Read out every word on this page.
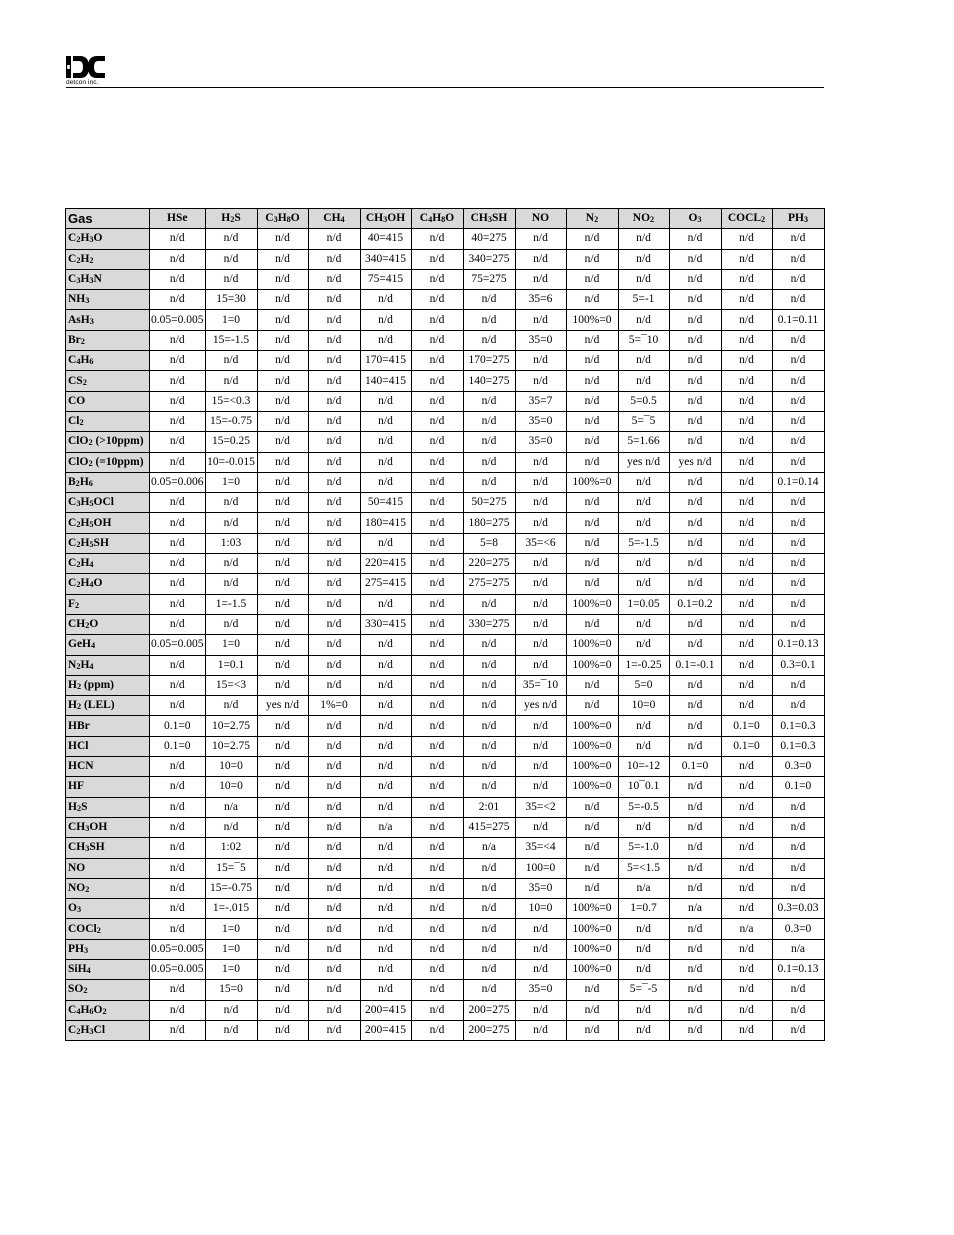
detcon inc.
Gas	HSe	$H_2S$	$C_3H_8O$	$CH_4$	$CH_3OH$	$C_4H_8O$	$CH_3SH$	NO	$N_2$	$NO_2$	$O_3$	$COCL_2$	$PH_3$
$C_2H_3O$	n/d	n/d	n/d	n/d	40=415	n/d	40=275	n/d	n/d	n/d	n/d	n/d	n/d
$C_2H_2$	n/d	n/d	n/d	n/d	340=415	n/d	340=275	n/d	n/d	n/d	n/d	n/d	n/d
$C_3H_3N$	n/d	n/d	n/d	n/d	75=415	n/d	75=275	n/d	n/d	n/d	n/d	n/d	n/d
$NH_3$	n/d	15=30	n/d	n/d	n/d	n/d	n/d	35=6	n/d	5=-1	n/d	n/d	n/d
AsH$_3$	0.05=0.005	1=0	n/d	n/d	n/d	n/d	n/d	n/d	100%=0	n/d	n/d	n/d	0.1=0.11
$Br_2$	n/d	15=-1.5	n/d	n/d	n/d	n/d	n/d	35=0	n/d	5=¯10	n/d	n/d	n/d
$C_4H_6$	n/d	n/d	n/d	n/d	170=415	n/d	170=275	n/d	n/d	n/d	n/d	n/d	n/d
$CS_2$	n/d	n/d	n/d	n/d	140=415	n/d	140=275	n/d	n/d	n/d	n/d	n/d	n/d
CO	n/d	15=<0.3	n/d	n/d	n/d	n/d	n/d	35=7	n/d	5=0.5	n/d	n/d	n/d
$Cl_2$	n/d	15=-0.75	n/d	n/d	n/d	n/d	n/d	35=0	n/d	5=¯5	n/d	n/d	n/d
ClO$_2$ (>10ppm)	n/d	15=0.25	n/d	n/d	n/d	n/d	n/d	35=0	n/d	5=1.66	n/d	n/d	n/d
ClO$_2$ (=10ppm)	n/d	10=-0.015	n/d	n/d	n/d	n/d	n/d	n/d	n/d	yes n/d	yes n/d	n/d	n/d
$B_2H_6$	0.05=0.006	1=0	n/d	n/d	n/d	n/d	n/d	n/d	100%=0	n/d	n/d	n/d	0.1=0.14
$C_3H_5OCl$	n/d	n/d	n/d	n/d	50=415	n/d	50=275	n/d	n/d	n/d	n/d	n/d	n/d
$C_2H_5OH$	n/d	n/d	n/d	n/d	180=415	n/d	180=275	n/d	n/d	n/d	n/d	n/d	n/d
$C_2H_5SH$	n/d	1:03	n/d	n/d	n/d	n/d	5=8	35=<6	n/d	5=-1.5	n/d	n/d	n/d
$C_2H_4$	n/d	n/d	n/d	n/d	220=415	n/d	220=275	n/d	n/d	n/d	n/d	n/d	n/d
$C_2H_4O$	n/d	n/d	n/d	n/d	275=415	n/d	275=275	n/d	n/d	n/d	n/d	n/d	n/d
$F_2$	n/d	1=-1.5	n/d	n/d	n/d	n/d	n/d	n/d	100%=0	1=0.05	0.1=0.2	n/d	n/d
$CH_2O$	n/d	n/d	n/d	n/d	330=415	n/d	330=275	n/d	n/d	n/d	n/d	n/d	n/d
GeH$_4$	0.05=0.005	1=0	n/d	n/d	n/d	n/d	n/d	n/d	100%=0	n/d	n/d	n/d	0.1=0.13
$N_2H_4$	n/d	1=0.1	n/d	n/d	n/d	n/d	n/d	n/d	100%=0	1=-0.25	0.1=-0.1	n/d	0.3=0.1
$H_2$ (ppm)	n/d	15=<3	n/d	n/d	n/d	n/d	n/d	35=¯10	n/d	5=0	n/d	n/d	n/d
$H_2$ (LEL)	n/d	n/d	yes n/d	1%=0	n/d	n/d	n/d	yes n/d	n/d	10=0	n/d	n/d	n/d
HBr	0.1=0	10=2.75	n/d	n/d	n/d	n/d	n/d	n/d	100%=0	n/d	n/d	0.1=0	0.1=0.3
HCl	0.1=0	10=2.75	n/d	n/d	n/d	n/d	n/d	n/d	100%=0	n/d	n/d	0.1=0	0.1=0.3
HCN	n/d	10=0	n/d	n/d	n/d	n/d	n/d	n/d	100%=0	10=-12	0.1=0	n/d	0.3=0
HF	n/d	10=0	n/d	n/d	n/d	n/d	n/d	n/d	100%=0	10¯0.1	n/d	n/d	0.1=0
$H_2S$	n/d	n/a	n/d	n/d	n/d	n/d	2:01	35=<2	n/d	5=-0.5	n/d	n/d	n/d
$CH_3OH$	n/d	n/d	n/d	n/d	n/a	n/d	415=275	n/d	n/d	n/d	n/d	n/d	n/d
$CH_3SH$	n/d	1:02	n/d	n/d	n/d	n/d	n/a	35=<4	n/d	5=-1.0	n/d	n/d	n/d
NO	n/d	15=¯5	n/d	n/d	n/d	n/d	n/d	100=0	n/d	5=<1.5	n/d	n/d	n/d
$NO_2$	n/d	15=-0.75	n/d	n/d	n/d	n/d	n/d	35=0	n/d	n/a	n/d	n/d	n/d
$O_3$	n/d	1=-.015	n/d	n/d	n/d	n/d	n/d	10=0	100%=0	1=0.7	n/a	n/d	0.3=0.03
COCl$_2$	n/d	1=0	n/d	n/d	n/d	n/d	n/d	n/d	100%=0	n/d	n/d	n/a	0.3=0
$PH_3$	0.05=0.005	1=0	n/d	n/d	n/d	n/d	n/d	n/d	100%=0	n/d	n/d	n/d	n/a
SiH$_4$	0.05=0.005	1=0	n/d	n/d	n/d	n/d	n/d	n/d	100%=0	n/d	n/d	n/d	0.1=0.13
$SO_2$	n/d	15=0	n/d	n/d	n/d	n/d	n/d	35=0	n/d	5=¯-5	n/d	n/d	n/d
$C_4H_6O_2$	n/d	n/d	n/d	n/d	200=415	n/d	200=275	n/d	n/d	n/d	n/d	n/d	n/d
$C_2H_3Cl$	n/d	n/d	n/d	n/d	200=415	n/d	200=275	n/d	n/d	n/d	n/d	n/d	n/d
